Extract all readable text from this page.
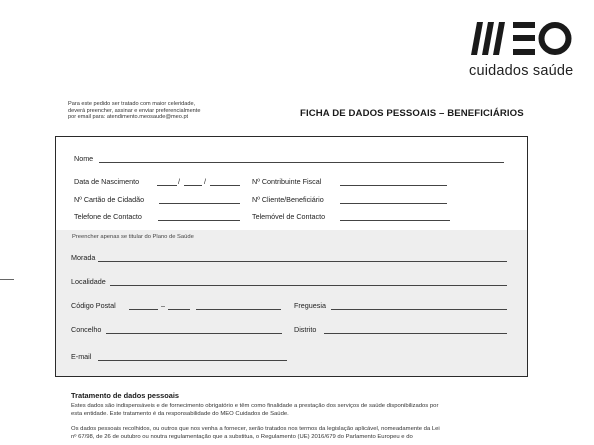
cuidados saúde
Para este pedido ser tratado com maior celeridade,
deverá preencher, assinar e enviar preferencialmente
por email para: atendimento.meosaude@meo.pt	FICHA DE DADOS PESSOAIS – BENEFICIÁRIOS
Nome
Data de Nascimento	/	/	Nº Contribuinte Fiscal
Nº Cartão de Cidadão	Nº Cliente/Beneficiário
Telefone de Contacto	Telemóvel de Contacto
Preencher apenas se titular do Plano de Saúde
Morada
Localidade
Código Postal	–	Freguesia
Concelho	Distrito
E-mail
Tratamento de dados pessoais
Estes dados são indispensáveis e de fornecimento obrigatório e têm como finalidade a prestação dos serviços de saúde disponibilizados por
esta entidade. Este tratamento é da responsabilidade do MEO Cuidados de Saúde.
Os dados pessoais recolhidos, ou outros que nos venha a fornecer, serão tratados nos termos da legislação aplicável, nomeadamente da Lei
nº 67/98, de 26 de outubro ou noutra regulamentação que a substitua, o Regulamento (UE) 2016/679 do Parlamento Europeu e do
